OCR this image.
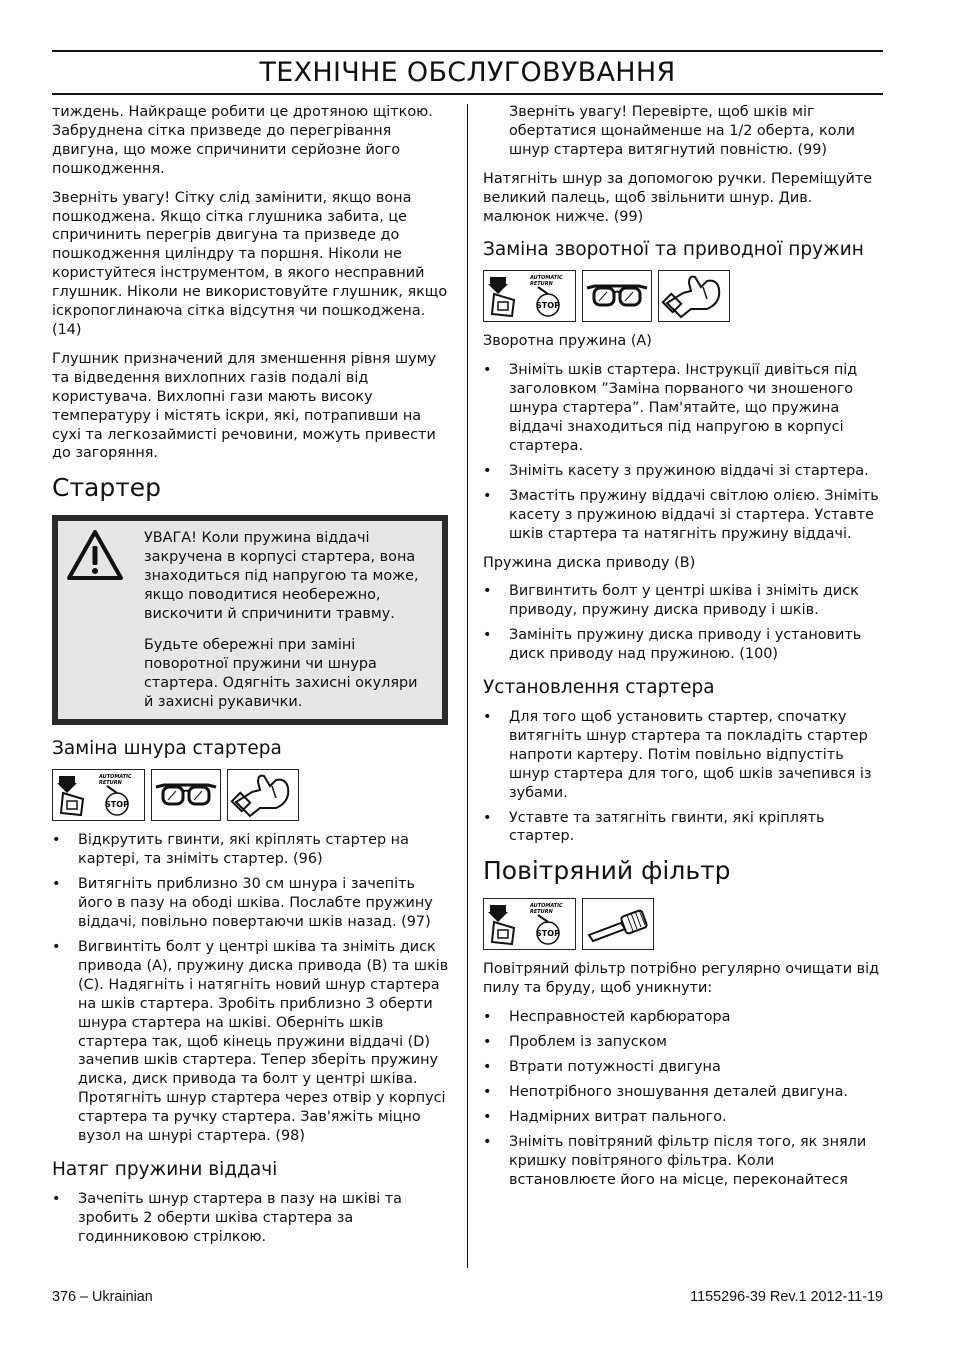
ТЕХНІЧНЕ ОБСЛУГОВУВАННЯ

тиждень. Найкраще робити це дротяною щіткою. Забруднена сітка призведе до перегрівання двигуна, що може спричинити серйозне його пошкодження.

Зверніть увагу! Сітку слід замінити, якщо вона пошкоджена. Якщо сітка глушника забита, це спричинить перегрів двигуна та призведе до пошкодження циліндру та поршня. Ніколи не користуйтеся інструментом, в якого несправний глушник. Ніколи не використовуйте глушник, якщо іскропоглинаюча сітка відсутня чи пошкоджена. (14)

Глушник призначений для зменшення рівня шуму та відведення вихлопних газів подалі від користувача. Вихлопні гази мають високу температуру і містять іскри, які, потрапивши на сухі та легкозаймисті речовини, можуть привести до загоряння.

Стартер

УВАГА! Коли пружина віддачі закручена в корпусі стартера, вона знаходиться під напругою та може, якщо поводитися необережно, вискочити й спричинити травму.

Будьте обережні при заміні поворотної пружини чи шнура стартера. Одягніть захисні окуляри й захисні рукавички.

Заміна шнура стартера
AUTOMATIC
RETURN
STOP
• Відкрутить гвинти, які кріплять стартер на картері, та зніміть стартер. (96)
• Витягніть приблизно 30 см шнура і зачепіть його в пазу на ободі шківа. Послабте пружину віддачі, повільно повертаючи шків назад. (97)
• Вигвинтіть болт у центрі шківа та зніміть диск привода (A), пружину диска привода (B) та шків (C). Надягніть і натягніть новий шнур стартера на шків стартера. Зробіть приблизно 3 оберти шнура стартера на шківі. Оберніть шків стартера так, щоб кінець пружини віддачі (D) зачепив шків стартера. Тепер зберіть пружину диска, диск привода та болт у центрі шківа. Протягніть шнур стартера через отвір у корпусі стартера та ручку стартера. Зав'яжіть міцно вузол на шнурі стартера. (98)
Натяг пружини віддачі
• Зачепіть шнур стартера в пазу на шківі та зробить 2 оберти шківа стартера за годинниковою стрілкою.

Зверніть увагу! Перевірте, щоб шків міг обертатися щонайменше на 1/2 оберта, коли шнур стартера витягнутий повністю. (99)

Натягніть шнур за допомогою ручки. Переміщуйте великий палець, щоб звільнити шнур. Див. малюнок нижче. (99)

Заміна зворотної та приводної пружин
AUTOMATIC
RETURN
STOP

Зворотна пружина (A)

• Зніміть шків стартера. Інструкції дивіться під заголовком ”Заміна порваного чи зношеного шнура стартера”. Пам'ятайте, що пружина віддачі знаходиться під напругою в корпусі стартера.
• Зніміть касету з пружиною віддачі зі стартера.
• Змастіть пружину віддачі світлою олією. Зніміть касету з пружиною віддачі зі стартера. Уставте шків стартера та натягніть пружину віддачі.

Пружина диска приводу (B)

• Вигвинтить болт у центрі шківа і зніміть диск приводу, пружину диска приводу і шків.
• Замініть пружину диска приводу і установить диск приводу над пружиною. (100)
Установлення стартера
• Для того щоб установить стартер, спочатку витягніть шнур стартера та покладіть стартер напроти картеру. Потім повільно відпустіть шнур стартера для того, щоб шків зачепився із зубами.
• Уставте та затягніть гвинти, які кріплять стартер.
Повітряний фільтр
AUTOMATIC
RETURN
STOP

Повітряний фільтр потрібно регулярно очищати від пилу та бруду, щоб уникнути:

• Несправностей карбюратора
• Проблем із запуском
• Втрати потужності двигуна
• Непотрібного зношування деталей двигуна.
• Надмірних витрат пального.
• Зніміть повітряний фільтр після того, як зняли кришку повітряного фільтра. Коли встановлюєте його на місце, переконайтеся
376 – Ukrainian	1155296-39 Rev.1 2012-11-19
